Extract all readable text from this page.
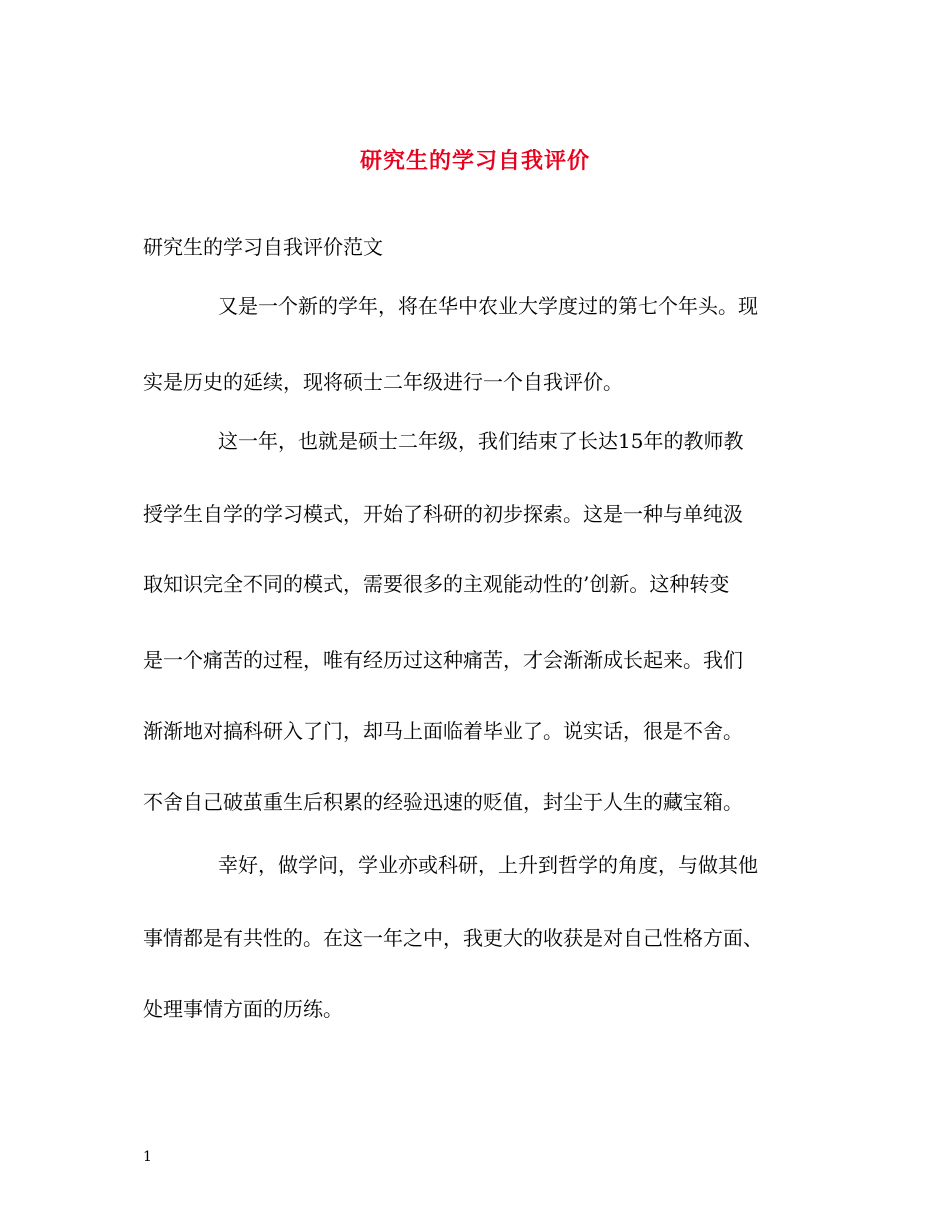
研究生的学习自我评价
研究生的学习自我评价范文
又是一个新的学年，将在华中农业大学度过的第七个年头。现
实是历史的延续，现将硕士二年级进行一个自我评价。
这一年，也就是硕士二年级，我们结束了长达15年的教师教
授学生自学的学习模式，开始了科研的初步探索。这是一种与单纯汲
取知识完全不同的模式，需要很多的主观能动性的’创新。这种转变
是一个痛苦的过程，唯有经历过这种痛苦，才会渐渐成长起来。我们
渐渐地对搞科研入了门，却马上面临着毕业了。说实话，很是不舍。
不舍自己破茧重生后积累的经验迅速的贬值，封尘于人生的藏宝箱。
幸好，做学问，学业亦或科研，上升到哲学的角度，与做其他
事情都是有共性的。在这一年之中，我更大的收获是对自己性格方面、
处理事情方面的历练。
1
